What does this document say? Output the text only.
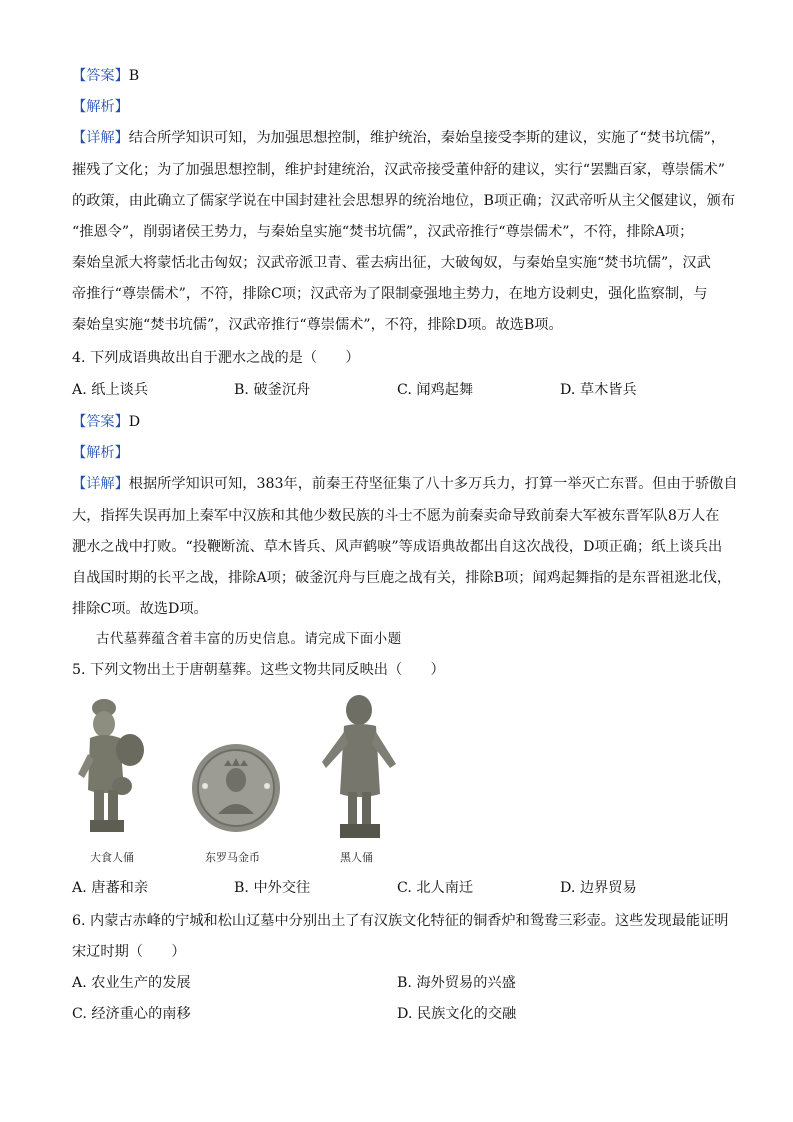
【答案】B
【解析】
【详解】结合所学知识可知，为加强思想控制，维护统治，秦始皇接受李斯的建议，实施了“焚书坑儒”，
摧残了文化；为了加强思想控制，维护封建统治，汉武帝接受董仲舒的建议，实行“罢黜百家，尊崇儒术”
的政策，由此确立了儒家学说在中国封建社会思想界的统治地位，B项正确；汉武帝听从主父偃建议，颁布
“推恩令”，削弱诸侯王势力，与秦始皇实施“焚书坑儒”，汉武帝推行“尊崇儒术”，不符，排除A项；
秦始皇派大将蒙恬北击匈奴；汉武帝派卫青、霍去病出征，大破匈奴，与秦始皇实施“焚书坑儒”，汉武
帝推行“尊崇儒术”，不符，排除C项；汉武帝为了限制豪强地主势力，在地方设刺史，强化监察制，与
秦始皇实施“焚书坑儒”，汉武帝推行“尊崇儒术”，不符，排除D项。故选B项。
4. 下列成语典故出自于淝水之战的是（　　）
A. 纸上谈兵	B. 破釜沉舟	C. 闻鸡起舞	D. 草木皆兵
【答案】D
【解析】
【详解】根据所学知识可知，383年，前秦王苻坚征集了八十多万兵力，打算一举灭亡东晋。但由于骄傲自
大，指挥失误再加上秦军中汉族和其他少数民族的斗士不愿为前秦卖命导致前秦大军被东晋军队8万人在
淝水之战中打败。“投鞭断流、草木皆兵、风声鹤唳”等成语典故都出自这次战役，D项正确；纸上谈兵出
自战国时期的长平之战，排除A项；破釜沉舟与巨鹿之战有关，排除B项；闻鸡起舞指的是东晋祖逖北伐，
排除C项。故选D项。
古代墓葬蕴含着丰富的历史信息。请完成下面小题
5. 下列文物出土于唐朝墓葬。这些文物共同反映出（　　）
大食人俑	东罗马金币	黑人俑
A. 唐蕃和亲	B. 中外交往	C. 北人南迁	D. 边界贸易
6. 内蒙古赤峰的宁城和松山辽墓中分别出土了有汉族文化特征的铜香炉和鸳鸯三彩壶。这些发现最能证明
宋辽时期（　　）
A. 农业生产的发展	B. 海外贸易的兴盛
C. 经济重心的南移	D. 民族文化的交融
